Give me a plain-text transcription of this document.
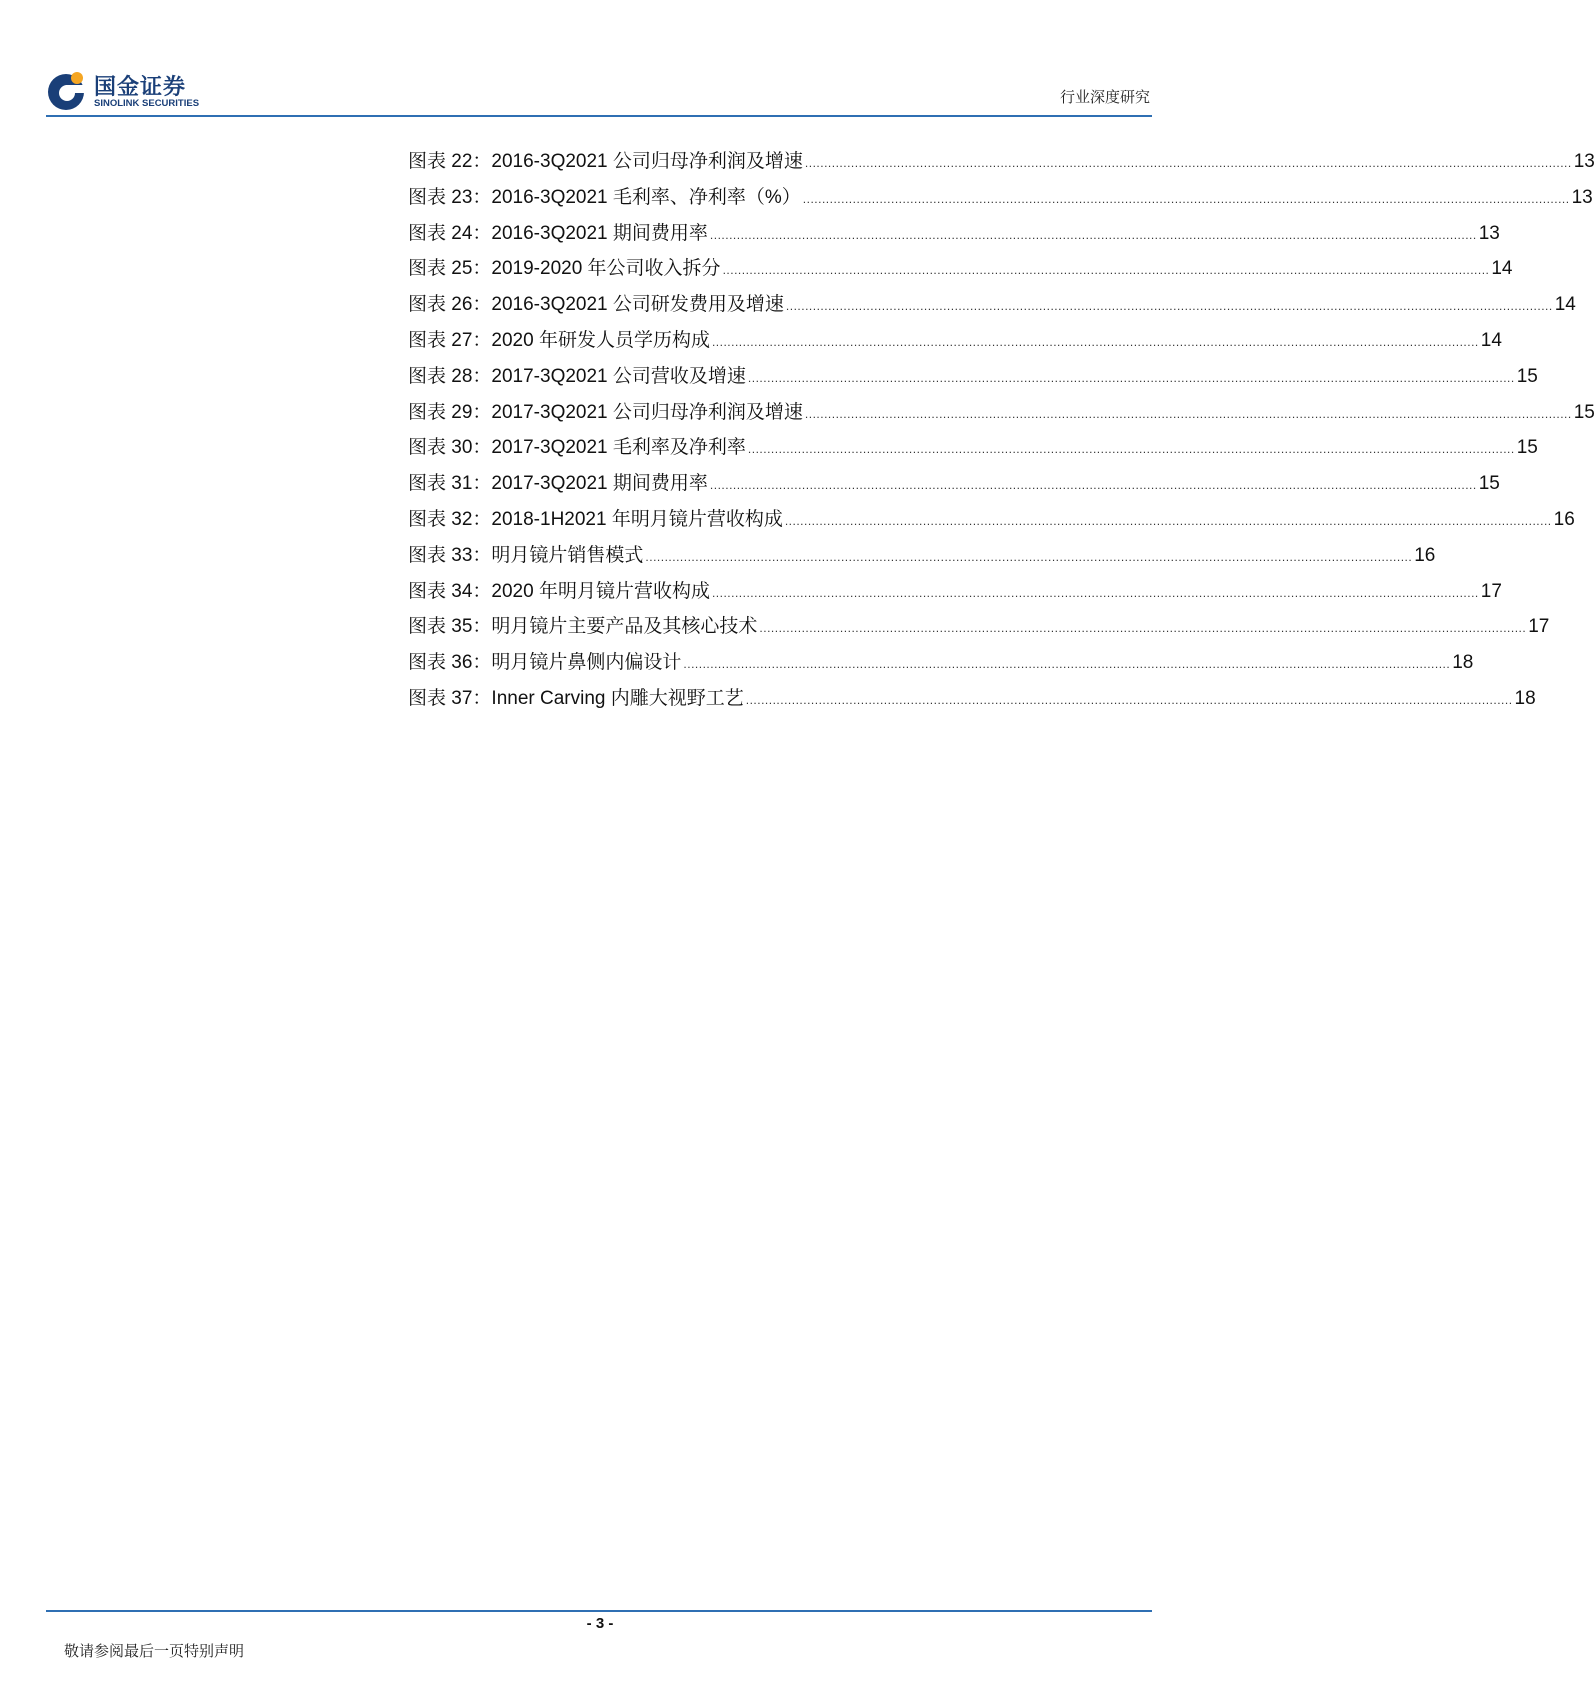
国金证券
SINOLINK SECURITIES	行业深度研究
图表 22：2016-3Q2021 公司归母净利润及增速 ........................................................................................................................................................................................................ 13
图表 23：2016-3Q2021 毛利率、净利率（%） ........................................................................................................................................................................................................ 13
图表 24：2016-3Q2021 期间费用率 ........................................................................................................................................................................................................ 13
图表 25：2019-2020 年公司收入拆分 ........................................................................................................................................................................................................ 14
图表 26：2016-3Q2021 公司研发费用及增速 ........................................................................................................................................................................................................ 14
图表 27：2020 年研发人员学历构成 ........................................................................................................................................................................................................ 14
图表 28：2017-3Q2021 公司营收及增速 ........................................................................................................................................................................................................ 15
图表 29：2017-3Q2021 公司归母净利润及增速 ........................................................................................................................................................................................................ 15
图表 30：2017-3Q2021 毛利率及净利率 ........................................................................................................................................................................................................ 15
图表 31：2017-3Q2021 期间费用率 ........................................................................................................................................................................................................ 15
图表 32：2018-1H2021 年明月镜片营收构成 ........................................................................................................................................................................................................ 16
图表 33：明月镜片销售模式 ........................................................................................................................................................................................................ 16
图表 34：2020 年明月镜片营收构成 ........................................................................................................................................................................................................ 17
图表 35：明月镜片主要产品及其核心技术 ........................................................................................................................................................................................................ 17
图表 36：明月镜片鼻侧内偏设计 ........................................................................................................................................................................................................ 18
图表 37：Inner Carving 内雕大视野工艺 ........................................................................................................................................................................................................ 18
- 3 -
敬请参阅最后一页特别声明
